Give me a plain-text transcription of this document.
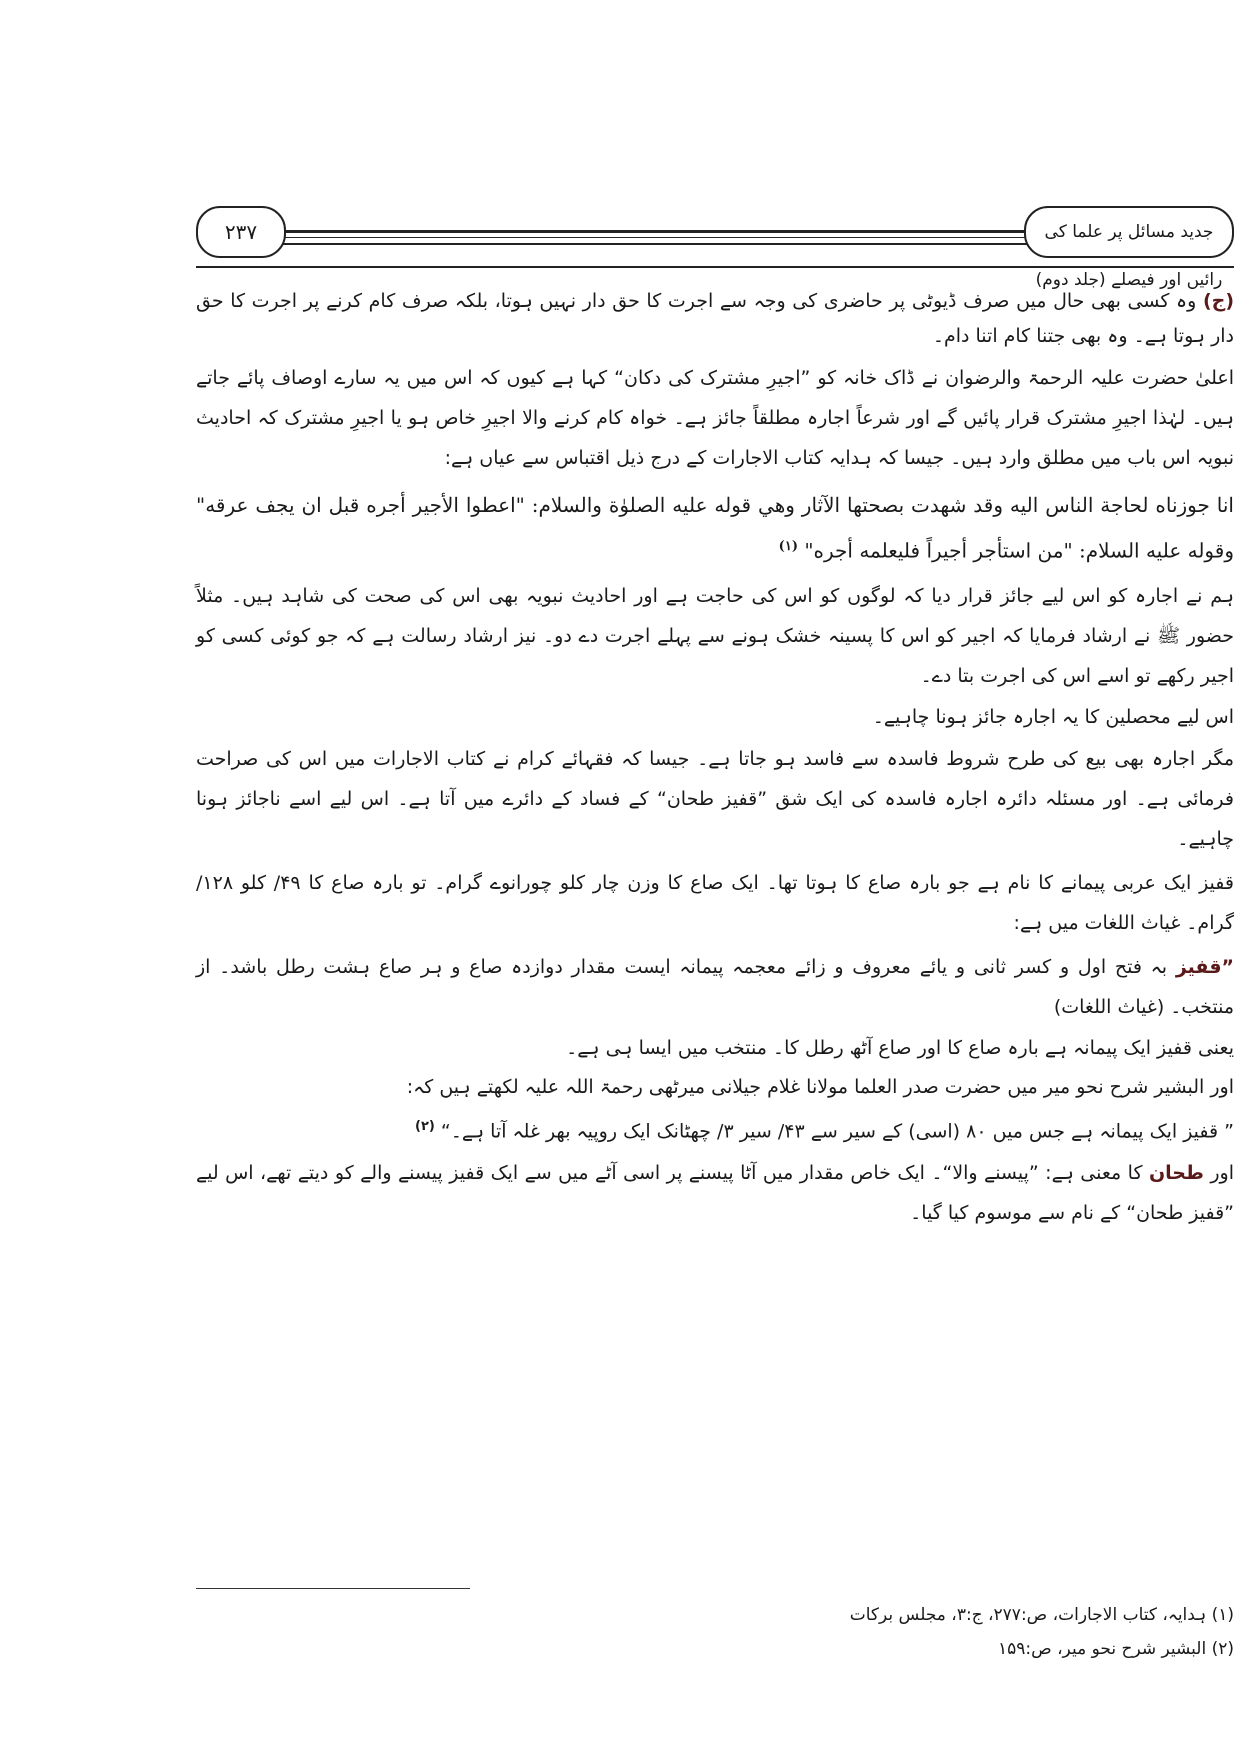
جدید مسائل پر علما کی رائیں اور فیصلے (جلد دوم)
۲۳۷

(ج) وہ کسی بھی حال میں صرف ڈیوٹی پر حاضری کی وجہ سے اجرت کا حق دار نہیں ہوتا، بلکہ صرف کام کرنے پر اجرت کا حق دار ہوتا ہے۔ وہ بھی جتنا کام اتنا دام۔

اعلیٰ حضرت علیہ الرحمۃ والرضوان نے ڈاک خانہ کو ”اجیرِ مشترک کی دکان“ کہا ہے کیوں کہ اس میں یہ سارے اوصاف پائے جاتے ہیں۔ لہٰذا اجیرِ مشترک قرار پائیں گے اور شرعاً اجارہ مطلقاً جائز ہے۔ خواہ کام کرنے والا اجیرِ خاص ہو یا اجیرِ مشترک کہ احادیث نبویہ اس باب میں مطلق وارد ہیں۔ جیسا کہ ہدایہ کتاب الاجارات کے درج ذیل اقتباس سے عیاں ہے:

انا جوزناه لحاجة الناس اليه وقد شهدت بصحتها الآثار وهي قوله عليه الصلوٰة والسلام: "اعطوا الأجير أجره قبل ان يجف عرقه" وقوله عليه السلام: "من استأجر أجيراً فليعلمه أجره" $^{(۱)}$

ہم نے اجارہ کو اس لیے جائز قرار دیا کہ لوگوں کو اس کی حاجت ہے اور احادیث نبویہ بھی اس کی صحت کی شاہد ہیں۔ مثلاً حضور ﷺ نے ارشاد فرمایا کہ اجیر کو اس کا پسینہ خشک ہونے سے پہلے اجرت دے دو۔ نیز ارشاد رسالت ہے کہ جو کوئی کسی کو اجیر رکھے تو اسے اس کی اجرت بتا دے۔

اس لیے محصلین کا یہ اجارہ جائز ہونا چاہیے۔

مگر اجارہ بھی بیع کی طرح شروط فاسدہ سے فاسد ہو جاتا ہے۔ جیسا کہ فقہائے کرام نے کتاب الاجارات میں اس کی صراحت فرمائی ہے۔ اور مسئلہ دائرہ اجارہ فاسدہ کی ایک شق ”قفیز طحان“ کے فساد کے دائرے میں آتا ہے۔ اس لیے اسے ناجائز ہونا چاہیے۔

قفیز ایک عربی پیمانے کا نام ہے جو بارہ صاع کا ہوتا تھا۔ ایک صاع کا وزن چار کلو چورانوے گرام۔ تو بارہ صاع کا ۴۹/ کلو ۱۲۸/ گرام۔ غیاث اللغات میں ہے:

”قفیز بہ فتح اول و کسر ثانی و یائے معروف و زائے معجمہ پیمانہ ایست مقدار دوازدہ صاع و ہر صاع ہشت رطل باشد۔ از منتخب۔ (غیاث اللغات)

یعنی قفیز ایک پیمانہ ہے بارہ صاع کا اور صاع آٹھ رطل کا۔ منتخب میں ایسا ہی ہے۔

اور البشیر شرح نحو میر میں حضرت صدر العلما مولانا غلام جیلانی میرٹھی رحمۃ اللہ علیہ لکھتے ہیں کہ:

” قفیز ایک پیمانہ ہے جس میں ۸۰ (اسی) کے سیر سے ۴۳/ سیر ۳/ چھٹانک ایک روپیہ بھر غلہ آتا ہے۔“ $^{(۲)}$

اور طحان کا معنی ہے: ”پیسنے والا“۔ ایک خاص مقدار میں آٹا پیسنے پر اسی آٹے میں سے ایک قفیز پیسنے والے کو دیتے تھے، اس لیے ”قفیز طحان“ کے نام سے موسوم کیا گیا۔

(۱) ہدایہ، کتاب الاجارات، ص:۲۷۷، ج:۳، مجلس برکات

(۲) البشیر شرح نحو میر، ص:۱۵۹
